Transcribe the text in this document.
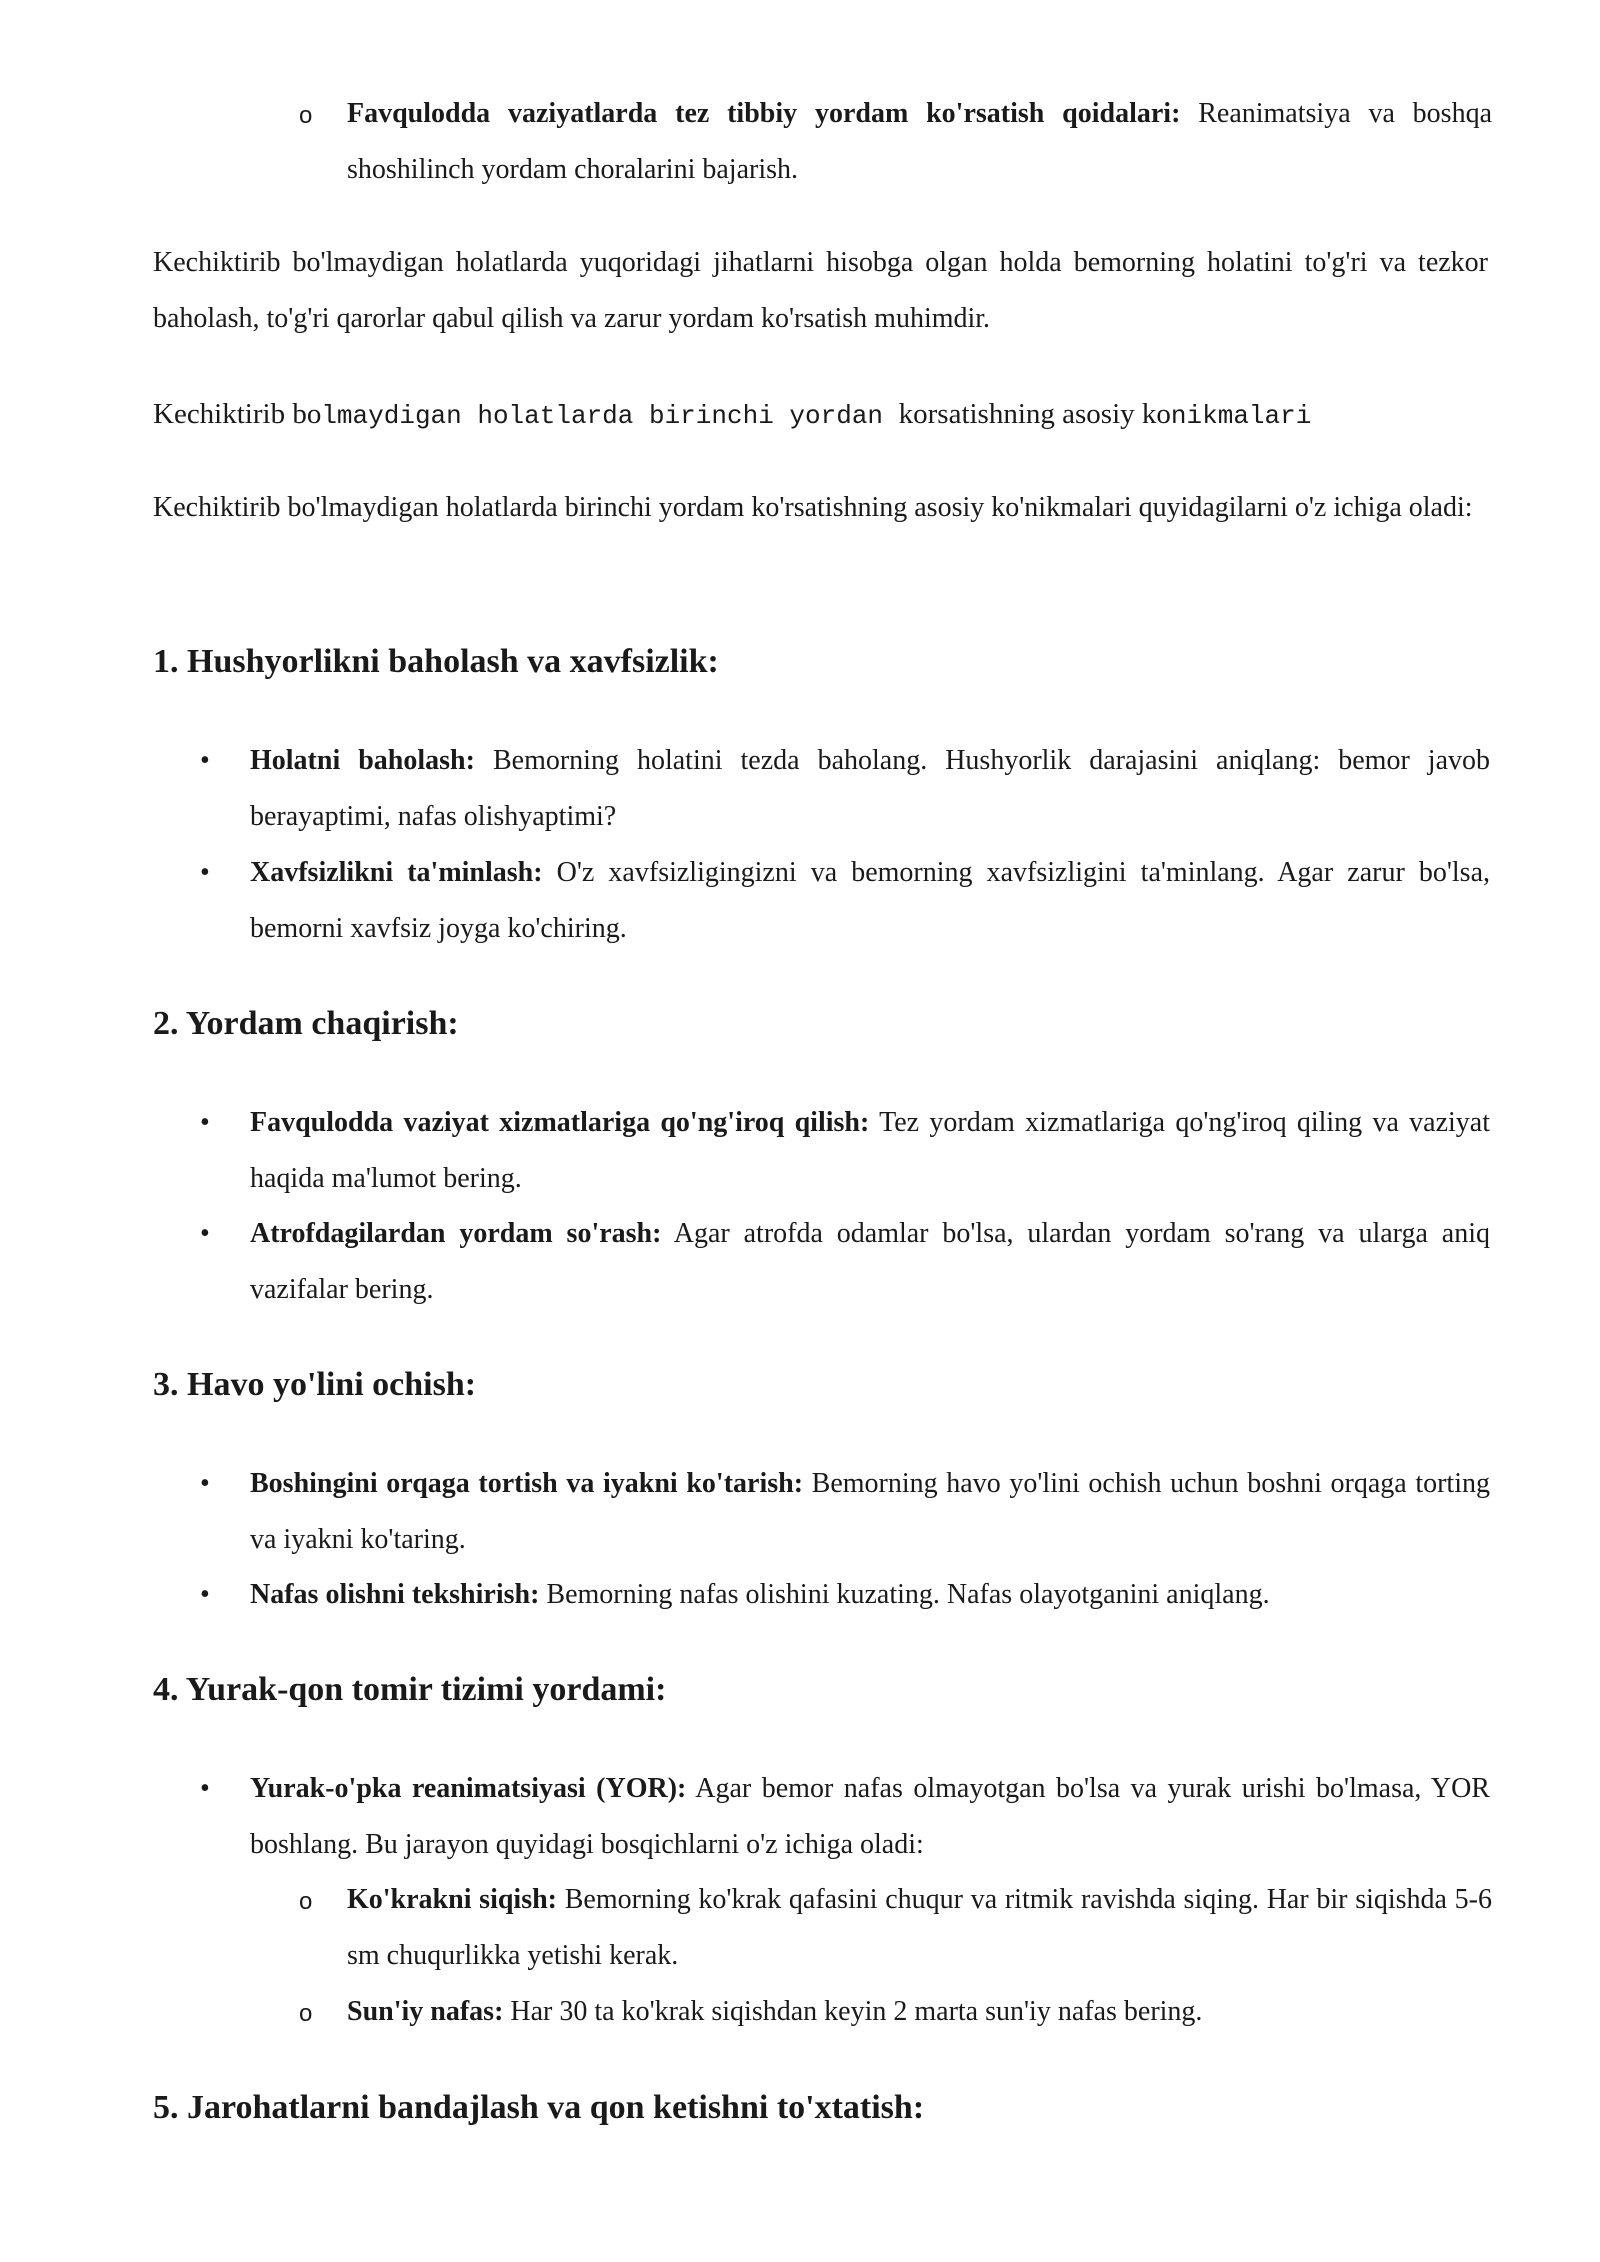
o Favqulodda vaziyatlarda tez tibbiy yordam ko'rsatish qoidalari: Reanimatsiya va boshqa shoshilinch yordam choralarini bajarish.

Kechiktirib bo'lmaydigan holatlarda yuqoridagi jihatlarni hisobga olgan holda bemorning holatini to'g'ri va tezkor baholash, to'g'ri qarorlar qabul qilish va zarur yordam ko'rsatish muhimdir.

Kechiktirib bolmaydigan holatlarda birinchi yordan korsatishning asosiy konikmalari

Kechiktirib bo'lmaydigan holatlarda birinchi yordam ko'rsatishning asosiy ko'nikmalari quyidagilarni o'z ichiga oladi:

1. Hushyorlikni baholash va xavfsizlik:
• Holatni baholash: Bemorning holatini tezda baholang. Hushyorlik darajasini aniqlang: bemor javob berayaptimi, nafas olishyaptimi?

• Xavfsizlikni ta'minlash: O'z xavfsizligingizni va bemorning xavfsizligini ta'minlang. Agar zarur bo'lsa, bemorni xavfsiz joyga ko'chiring.

2. Yordam chaqirish:
• Favqulodda vaziyat xizmatlariga qo'ng'iroq qilish: Tez yordam xizmatlariga qo'ng'iroq qiling va vaziyat haqida ma'lumot bering.

• Atrofdagilardan yordam so'rash: Agar atrofda odamlar bo'lsa, ulardan yordam so'rang va ularga aniq vazifalar bering.

3. Havo yo'lini ochish:
• Boshingini orqaga tortish va iyakni ko'tarish: Bemorning havo yo'lini ochish uchun boshni orqaga torting va iyakni ko'taring.

• Nafas olishni tekshirish: Bemorning nafas olishini kuzating. Nafas olayotganini aniqlang.

4. Yurak-qon tomir tizimi yordami:
• Yurak-o'pka reanimatsiyasi (YOR): Agar bemor nafas olmayotgan bo'lsa va yurak urishi bo'lmasa, YOR boshlang. Bu jarayon quyidagi bosqichlarni o'z ichiga oladi:

o Ko'krakni siqish: Bemorning ko'krak qafasini chuqur va ritmik ravishda siqing. Har bir siqishda 5-6 sm chuqurlikka yetishi kerak.

o Sun'iy nafas: Har 30 ta ko'krak siqishdan keyin 2 marta sun'iy nafas bering.

5. Jarohatlarni bandajlash va qon ketishni to'xtatish:
